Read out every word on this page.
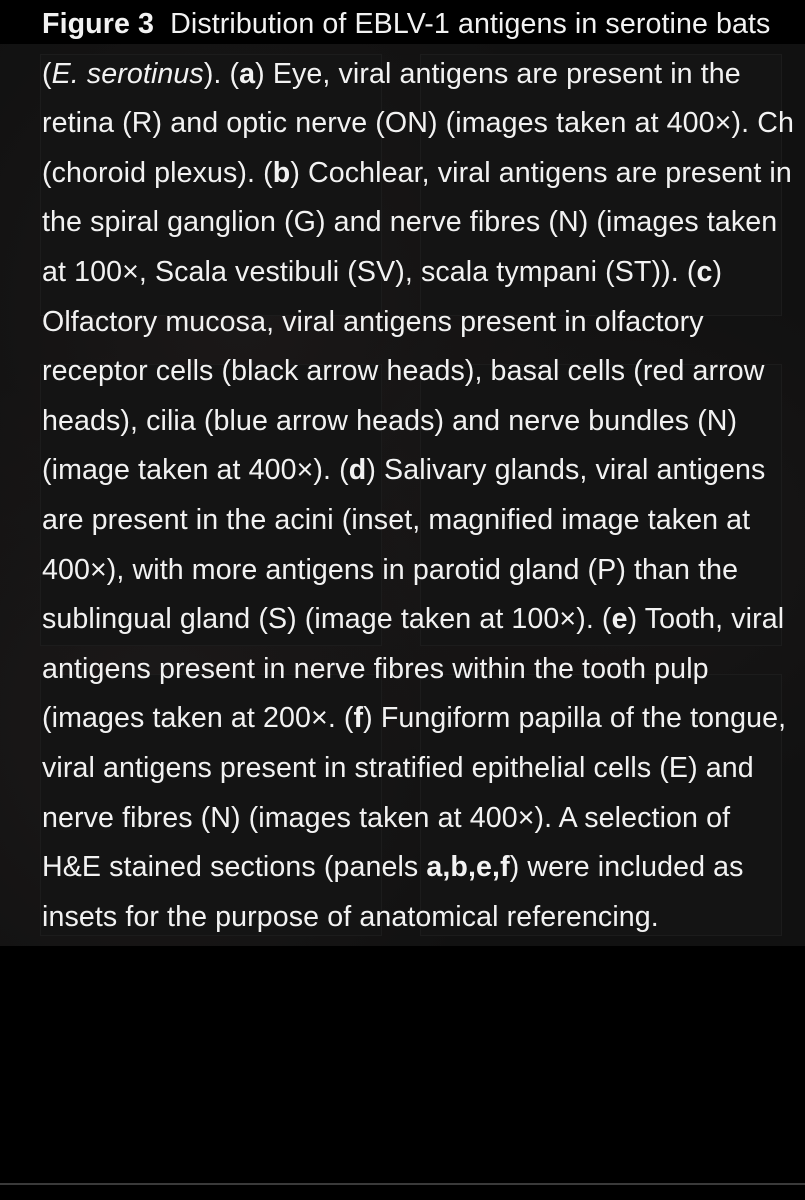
Figure 3 Distribution of EBLV-1 antigens in serotine bats (E. serotinus). (a) Eye, viral antigens are present in the retina (R) and optic nerve (ON) (images taken at 400×). Ch (choroid plexus). (b) Cochlear, viral antigens are present in the spiral ganglion (G) and nerve fibres (N) (images taken at 100×, Scala vestibuli (SV), scala tympani (ST)). (c) Olfactory mucosa, viral antigens present in olfactory receptor cells (black arrow heads), basal cells (red arrow heads), cilia (blue arrow heads) and nerve bundles (N) (image taken at 400×). (d) Salivary glands, viral antigens are present in the acini (inset, magnified image taken at 400×), with more antigens in parotid gland (P) than the sublingual gland (S) (image taken at 100×). (e) Tooth, viral antigens present in nerve fibres within the tooth pulp (images taken at 200×. (f) Fungiform papilla of the tongue, viral antigens present in stratified epithelial cells (E) and nerve fibres (N) (images taken at 400×). A selection of H&E stained sections (panels a,b,e,f) were included as insets for the purpose of anatomical referencing.
